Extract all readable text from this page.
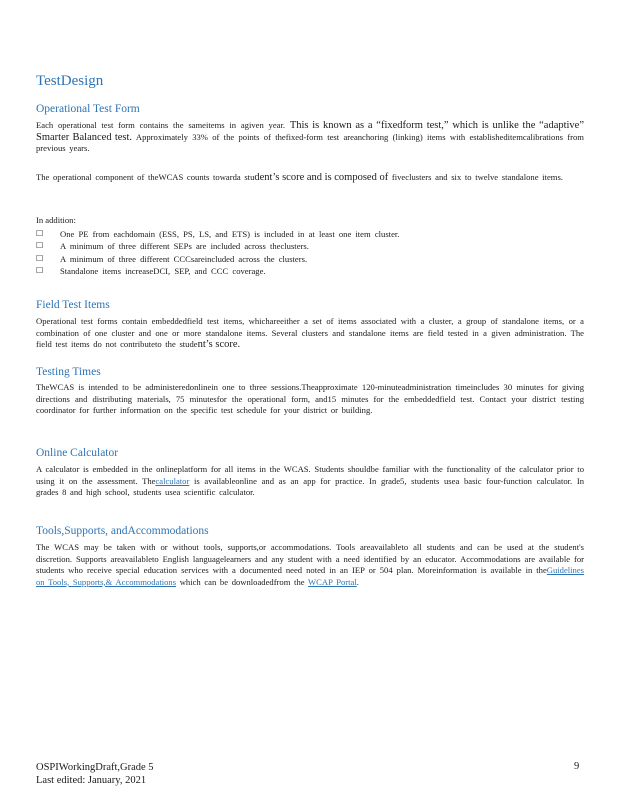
TestDesign
Operational Test Form

Each operational test form contains the sameitems in agiven year. This is known as a “fixedform test,” which is unlike the “adaptive” Smarter Balanced test. Approximately 33% of the points of thefixed-form test areanchoring (linking) items with establisheditemcalibrations from previous years.

The operational component of theWCAS counts towarda student’s score and is composed of fiveclusters and six to twelve standalone items.

In addition:
☐ One PE from eachdomain (ESS, PS, LS, and ETS) is included in at least one item cluster.
☐ A minimum of three different SEPs are included across theclusters.
☐ A minimum of three different CCCsareincluded across the clusters.
☐ Standalone items increaseDCI, SEP, and CCC coverage.
Field Test Items

Operational test forms contain embeddedfield test items, whichareeither a set of items associated with a cluster, a group of standalone items, or a combination of one cluster and one or more standalone items. Several clusters and standalone items are field tested in a given administration. The field test items do not contributeto the student’s score.

Testing Times

TheWCAS is intended to be administeredonlinein one to three sessions.Theapproximate 120-minuteadministration timeincludes 30 minutes for giving directions and distributing materials, 75 minutesfor the operational form, and15 minutes for the embeddedfield test. Contact your district testing coordinator for further information on the specific test schedule for your district or building.

Online Calculator

A calculator is embedded in the onlineplatform for all items in the WCAS. Students shouldbe familiar with the functionality of the calculator prior to using it on the assessment. Thecalculator is availableonline and as an app for practice. In grade5, students usea basic four-function calculator. In grades 8 and high school, students usea scientific calculator.

Tools,Supports, andAccommodations

The WCAS may be taken with or without tools, supports,or accommodations. Tools areavailableto all students and can be used at the student's discretion. Supports areavailableto English languagelearners and any student with a need identified by an educator. Accommodations are available for students who receive special education services with a documented need noted in an IEP or 504 plan. Moreinformation is available in theGuidelines on Tools, Supports,& Accommodations which can be downloadedfrom the WCAP Portal.

OSPIWorkingDraft,Grade 5
Last edited: January, 2021
9
